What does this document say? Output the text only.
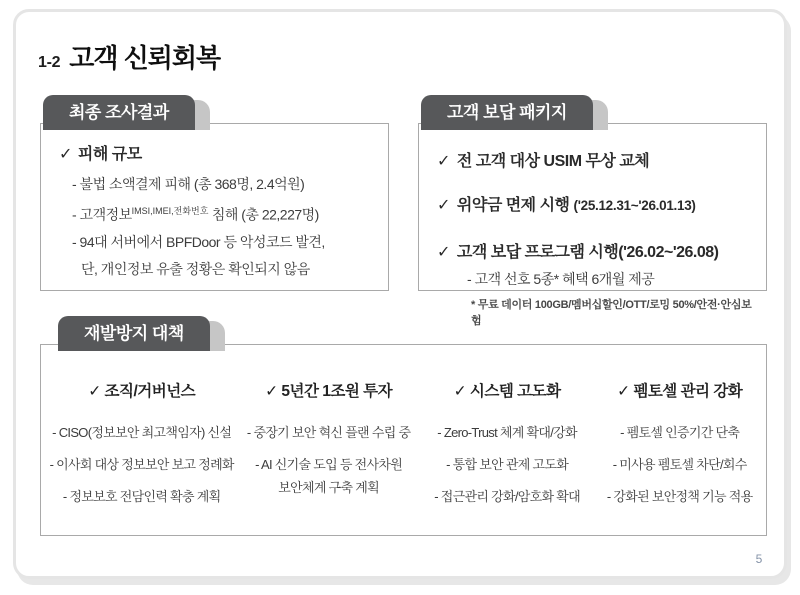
1-2 고객 신뢰회복
최종 조사결과
✓ 피해 규모
- 불법 소액결제 피해 (총 368명, 2.4억원)
- 고객정보$^{IMSI,IMEI,전화번호}$ 침해 (총 22,227명)
- 94대 서버에서 BPFDoor 등 악성코드 발견,
단, 개인정보 유출 정황은 확인되지 않음
고객 보답 패키지
✓ 전 고객 대상 USIM 무상 교체
✓ 위약금 면제 시행 ('25.12.31~'26.01.13)
✓ 고객 보답 프로그램 시행('26.02~'26.08)
- 고객 선호 5종* 혜택 6개월 제공
* 무료 데이터 100GB/멤버십할인/OTT/로밍 50%/안전·안심보험
재발방지 대책
✓ 조직/거버넌스
- CISO(정보보안 최고책임자) 신설
- 이사회 대상 정보보안 보고 정례화
- 정보보호 전담인력 확충 계획
✓ 5년간 1조원 투자
- 중장기 보안 혁신 플랜 수립 중
- AI 신기술 도입 등 전사차원
보안체계 구축 계획
✓ 시스템 고도화
- Zero-Trust 체계 확대/강화
- 통합 보안 관제 고도화
- 접근관리 강화/암호화 확대
✓ 펨토셀 관리 강화
- 펨토셀 인증기간 단축
- 미사용 펨토셀 차단/회수
- 강화된 보안정책 기능 적용
5
